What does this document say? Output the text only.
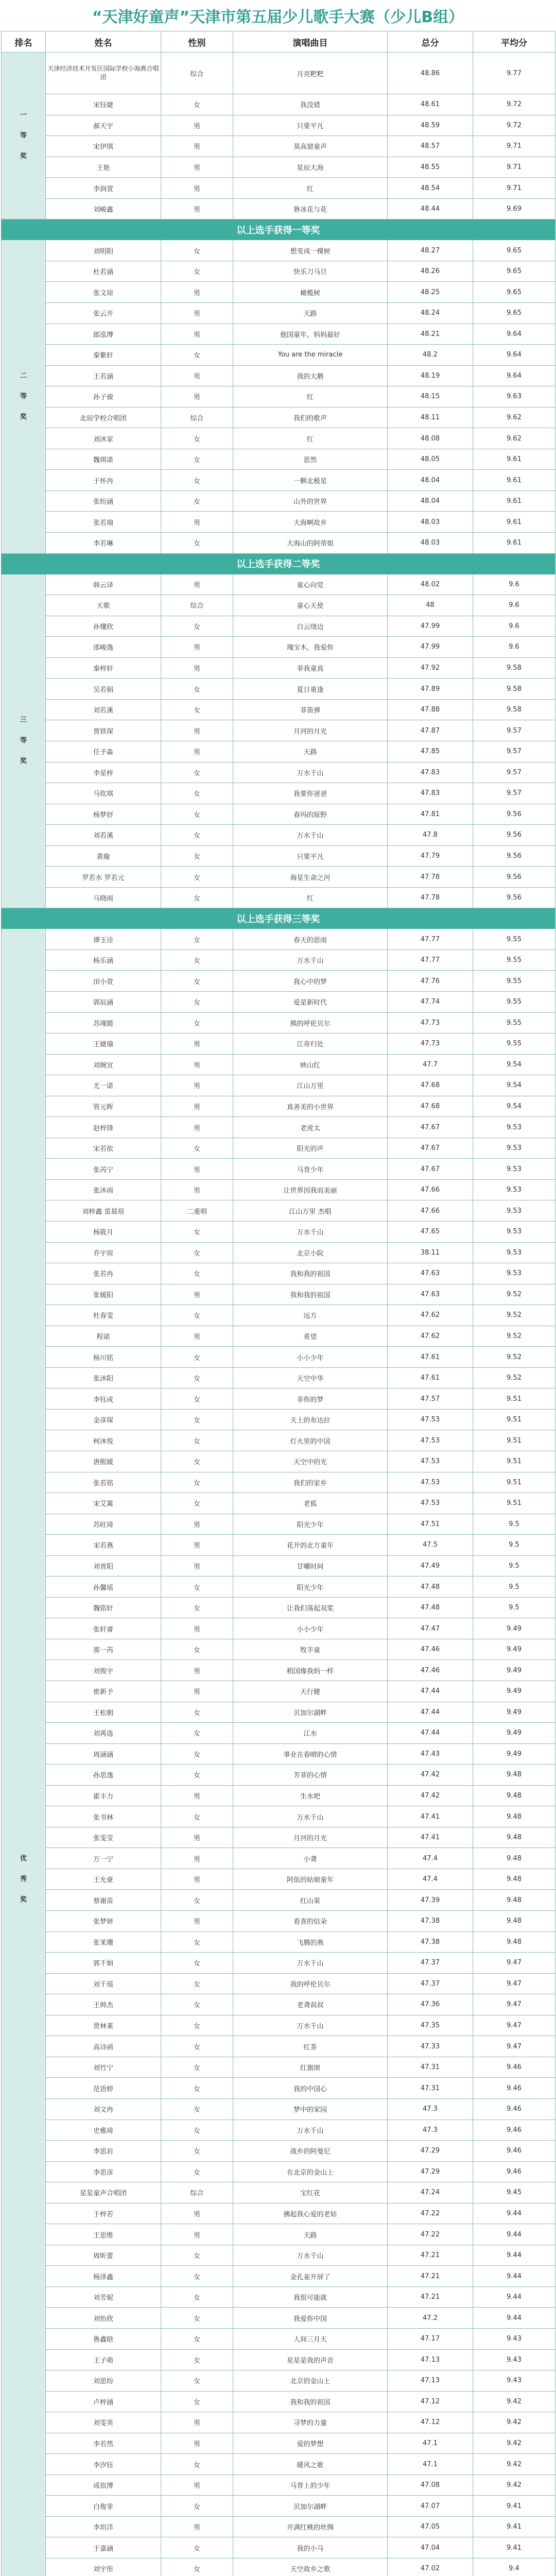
“天津好童声”天津市第五届少儿歌手大赛（少儿B组）
排名	姓名	性别	演唱曲目	总分	平均分

一
等
奖	天津经济技术开发区国际学校小海燕合唱团	综合	月亮粑粑	48.86	9.77
	宋钰婕	女	我没错	48.61	9.72
	郝天宇	男	只要平凡	48.59	9.72
	宋伊琪	男	莫高窟童声	48.57	9.71
	王艳	男	星辰大海	48.55	9.71
	李润萱	男	红	48.54	9.71
	刘峻鑫	男	鲁冰花与花	48.44	9.69
以上选手获得一等奖					

二
等
奖	刘明阳	女	想变成一棵树	48.27	9.65
	杜若涵	女	快乐刀马旦	48.26	9.65
	张文琼	男	橄榄树	48.25	9.65
	张云开	男	天路	48.24	9.65
	郎泓博	男	他国童年，妈妈最好	48.21	9.64
	秦紫轩	女	You are the miracle	48.2	9.64
	王若涵	男	我的大鹅	48.19	9.64
	孙子骏	男	红	48.15	9.63
	北辰学校合唱团	综合	我们的歌声	48.11	9.62
	刘沐家	女	红	48.08	9.62
	魏琪诺	女	思然	48.05	9.61
	于怀冉	女	一颗北极星	48.04	9.61
	张纷涵	女	山外的世界	48.04	9.61
	张若瑞	男	大海啊故乡	48.03	9.61
	李若琳	女	大海山的阿蒂姐	48.03	9.61
以上选手获得二等奖					

三
等
奖	韩云译	男	童心向党	48.02	9.6
	天歌	综合	童心天使	48	9.6
	孙懂欣	女	白云绕边	47.99	9.6
	邵峻逸	男	瑰宝木，我爱你	47.99	9.6
	秦梓轩	男	菲我童真	47.92	9.58
	吴若娟	女	夏日重逢	47.89	9.58
	刘若溪	女	菲笛弹	47.88	9.58
	贾铁琛	男	月河的月光	47.87	9.57
	任予淼	男	天路	47.85	9.57
	李星梓	女	万水千山	47.83	9.57
	马钦琪	女	我要你爸爸	47.83	9.57
	杨梦妤	女	春玛的原野	47.81	9.56
	刘若溪	女	万水千山	47.8	9.56
	黄璇	女	只要平凡	47.79	9.56
	罗若水 罗若元	女	海星生命之河	47.78	9.56
	马晓雨	女	红	47.78	9.56
以上选手获得三等奖					

优
秀
奖	谭玉诠	女	春天的思雨	47.77	9.55
	杨乐涵	女	万水千山	47.77	9.55
	田小萱	女	我心中的梦	47.76	9.55
	郭辰涵	女	爱是新时代	47.74	9.55
	苏瑾懿	女	熊的呼伦贝尔	47.73	9.55
	王婕瑜	男	江奇归处	47.73	9.55
	刘婉宜	男	映山红	47.7	9.54
	尤一诺	男	江山万里	47.68	9.54
	管元晖	男	真善美的小世界	47.68	9.54
	赵梓锋	男	老虎太	47.67	9.53
	宋若依	女	阳光的声	47.67	9.53
	张芮宁	男	马背少年	47.67	9.53
	张沐雨	男	让世界因我而美丽	47.66	9.53
	刘梓鑫 雷晨瑄	二重唱	江山万里 杰唱	47.66	9.53
	杨筱月	女	万水千山	47.65	9.53
	乔宇瑄	女	北京小院	38.11	9.53
	张若冉	女	我和我的祖国	47.63	9.53
	张媛阳	男	我和我的祖国	47.63	9.52
	杜春雯	女	远方	47.62	9.52
	程诺	男	希望	47.62	9.52
	杨川铭	女	小小少年	47.61	9.52
	张沐阳	女	天空中华	47.61	9.52
	李钰成	女	菲你的梦	47.57	9.51
	金彦琛	女	天上的布达拉	47.53	9.51
	柯沐悦	女	灯火里的中国	47.53	9.51
	唐熙媛	女	天空中的光	47.53	9.51
	张若铭	女	我们的家乡	47.53	9.51
	宋艾篱	女	老狐	47.53	9.51
	苏旺琦	男	阳光少年	47.51	9.5
	宋若燕	男	花开的北方童年	47.5	9.5
	刘晋阳	男	甘嚼时间	47.49	9.5
	孙馨瑶	女	阳光少年	47.48	9.5
	魏铭轩	女	让我们荡起双桨	47.48	9.5
	张轩睿	男	小小少年	47.47	9.49
	那一芮	女	牧羊童	47.46	9.49
	刘俊宇	男	稻国像我妈一样	47.46	9.49
	崔新予	男	天行健	47.44	9.49
	王松朝	女	贝加尔湖畔	47.44	9.49
	刘苒选	女	江水	47.44	9.49
	周涵涵	女	事业在春晴的心情	47.43	9.49
	孙思逸	女	芳菲的心情	47.42	9.48
	霍丰力	男	生水吧	47.42	9.48
	张书林	女	万水千山	47.41	9.48
	张雯莹	男	月河的月光	47.41	9.48
	万一宁	男	小聋	47.4	9.48
	王允豪	男	阿佤的姑娘童年	47.4	9.48
	蔡谢苗	女	红山果	47.39	9.48
	张梦妍	男	看喜的信朵	47.38	9.48
	张茉珊	女	飞腾的燕	47.38	9.48
	郭千娟	女	万水千山	47.37	9.47
	刘千瑶	女	我的呼伦贝尔	47.37	9.47
	王帅杰	女	老聋叔叔	47.36	9.47
	贾林莱	女	万水千山	47.35	9.47
	高诗函	女	红茶	47.33	9.47
	刘竹宁	女	红旗颂	47.31	9.46
	范语婷	女	我的中国心	47.31	9.46
	刘文冉	女	梦中的家园	47.3	9.46
	史雅琦	女	万水千山	47.3	9.46
	李思岩	女	战乡的阿曼尼	47.29	9.46
	李思彦	女	在北京的金山上	47.29	9.46
	星星童声合唱团	综合	宝红花	47.24	9.45
	于梓若	男	拂起我心爱的老姑	47.22	9.44
	王思维	男	天路	47.22	9.44
	周昕蕾	女	万水千山	47.21	9.44
	杨泽鑫	女	金孔雀开屏了	47.21	9.44
	刘芳妮	女	我很可能就	47.21	9.44
	刘怡欣	女	我爱你中国	47.2	9.44
	鲁鑫晗	女	人间三月天	47.17	9.43
	王子萌	女	星星是我的声音	47.13	9.43
	刘思纷	女	北京的金山上	47.13	9.43
	卢梓涵	女	我和我的祖国	47.12	9.42
	刘雯英	男	寻梦的力量	47.12	9.42
	李若然	男	爱的梦想	47.1	9.42
	李汐钰	女	暖风之歌	47.1	9.42
	成依博	男	马背上的少年	47.08	9.42
	白俊菲	女	贝加尔湖畔	47.07	9.41
	李坦洋	男	开满红桃的丝绸	47.05	9.41
	于嘉涵	女	我的小马	47.04	9.41
	刘宇彤	女	天空故乡之歌	47.02	9.4
